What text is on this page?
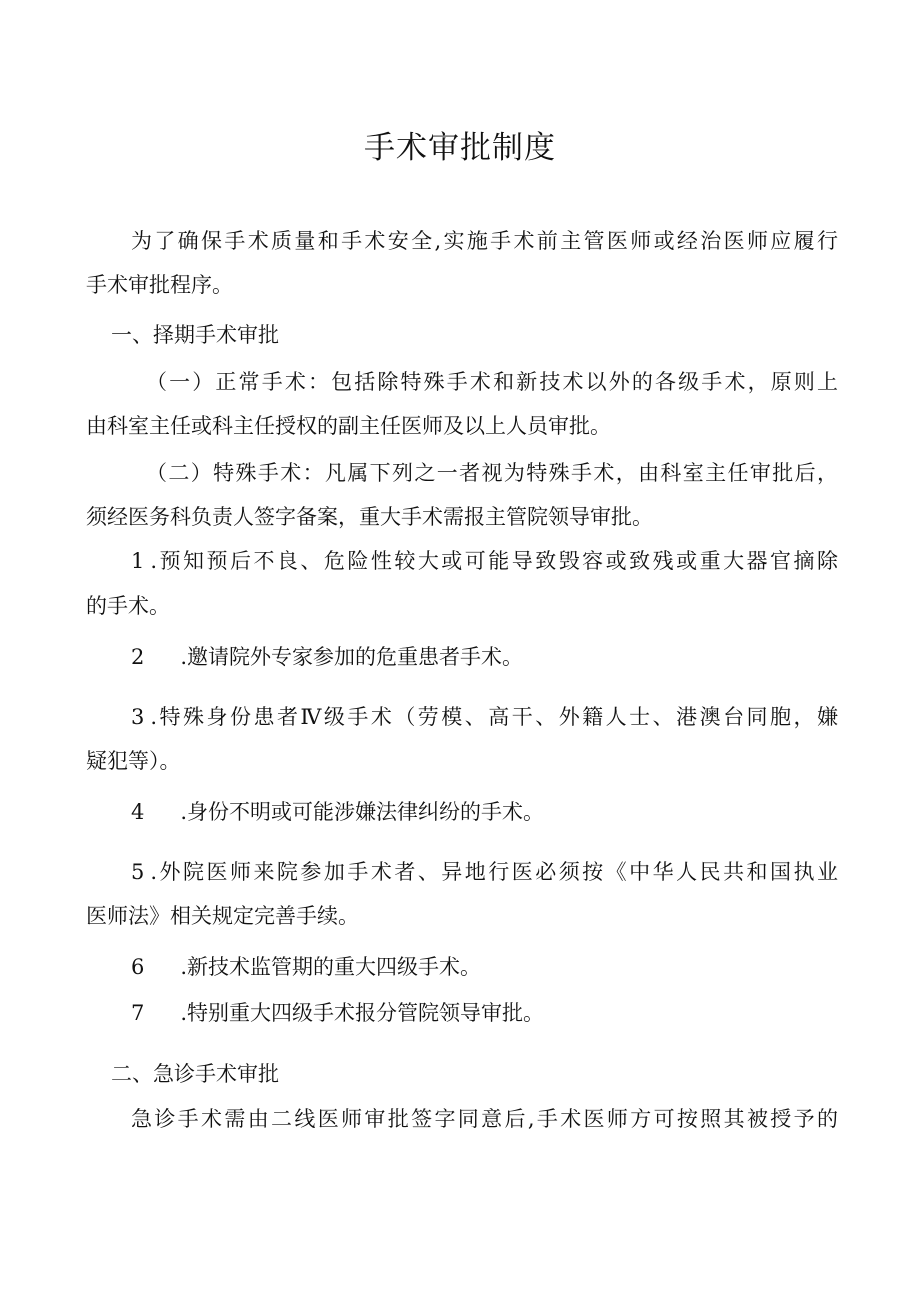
手术审批制度
为了确保手术质量和手术安全,实施手术前主管医师或经治医师应履行
手术审批程序。
一、择期手术审批
（一）正常手术：包括除特殊手术和新技术以外的各级手术，原则上
由科室主任或科主任授权的副主任医师及以上人员审批。
（二）特殊手术：凡属下列之一者视为特殊手术，由科室主任审批后，
须经医务科负责人签字备案，重大手术需报主管院领导审批。
1 .预知预后不良、危险性较大或可能导致毁容或致残或重大器官摘除
的手术。
2 .邀请院外专家参加的危重患者手术。
3 .特殊身份患者Ⅳ级手术（劳模、高干、外籍人士、港澳台同胞，嫌
疑犯等）。
4 .身份不明或可能涉嫌法律纠纷的手术。
5 .外院医师来院参加手术者、异地行医必须按《中华人民共和国执业
医师法》相关规定完善手续。
6 .新技术监管期的重大四级手术。
7 .特别重大四级手术报分管院领导审批。
二、急诊手术审批
急诊手术需由二线医师审批签字同意后,手术医师方可按照其被授予的
